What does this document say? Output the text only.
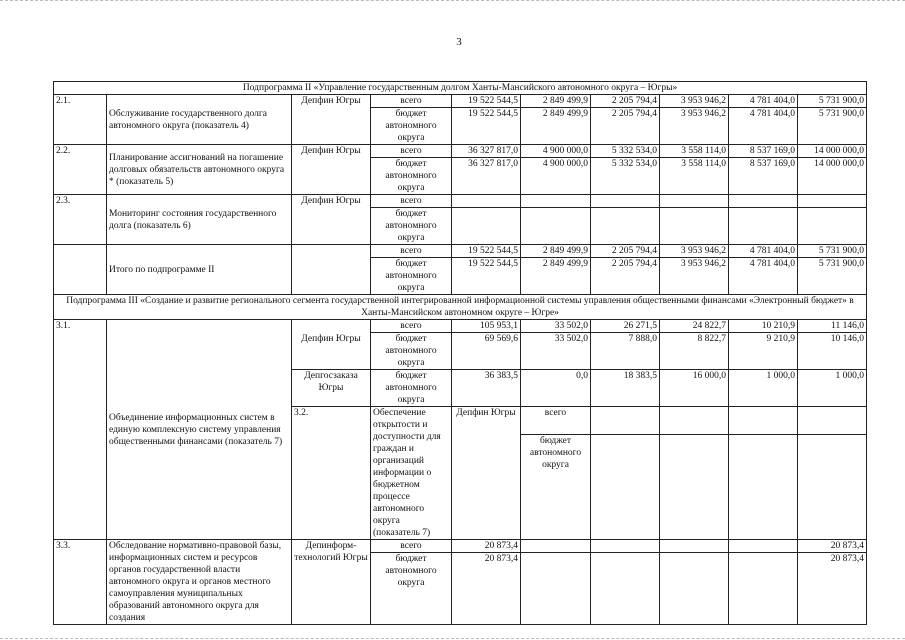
3
Подпрограмма II «Управление государственным долгом Ханты-Мансийского автономного округа – Югры»										
2.1.	Обслуживание государственного долга автономного округа (показатель 4)	Депфин Югры	всего	19 522 544,5	2 849 499,9	2 205 794,4	3 953 946,2	4 781 404,0	5 731 900,0	
			бюджет автономного округа	19 522 544,5	2 849 499,9	2 205 794,4	3 953 946,2	4 781 404,0	5 731 900,0	
2.2.	Планирование ассигнований на погашение долговых обязательств автономного округа * (показатель 5)	Депфин Югры	всего	36 327 817,0	4 900 000,0	5 332 534,0	3 558 114,0	8 537 169,0	14 000 000,0	
			бюджет автономного округа	36 327 817,0	4 900 000,0	5 332 534,0	3 558 114,0	8 537 169,0	14 000 000,0	
2.3.	Мониторинг состояния государственного долга (показатель 6)	Депфин Югры	всего							
			бюджет автономного округа							
	Итого по подпрограмме II		всего	19 522 544,5	2 849 499,9	2 205 794,4	3 953 946,2	4 781 404,0	5 731 900,0	
			бюджет автономного округа	19 522 544,5	2 849 499,9	2 205 794,4	3 953 946,2	4 781 404,0	5 731 900,0	
Подпрограмма III «Создание и развитие регионального сегмента государственной интегрированной информационной системы управления общественными финансами «Электронный бюджет» в Ханты-Мансийском автономном округе – Югре»										
3.1.	Объединение информационных систем в единую комплексную систему управления общественными финансами (показатель 7)		всего	105 953,1	33 502,0	26 271,5	24 822,7	10 210,9	11 146,0	
		Депфин Югры	бюджет автономного округа	69 569,6	33 502,0	7 888,0	8 822,7	9 210,9	10 146,0	
		Депгосзаказа Югры	бюджет автономного округа	36 383,5	0,0	18 383,5	16 000,0	1 000,0	1 000,0	
		3.2.	Обеспечение открытости и доступности для граждан и организаций информации о бюджетном процессе автономного округа (показатель 7)	Депфин Югры	всего						
					бюджет автономного округа						
3.3.	Обследование нормативно-правовой базы, информационных систем и ресурсов органов государственной власти автономного округа и органов местного самоуправления муниципальных образований автономного округа для создания	Депинформ-технологий Югры	всего	20 873,4					20 873,4	
			бюджет автономного округа	20 873,4					20 873,4	
